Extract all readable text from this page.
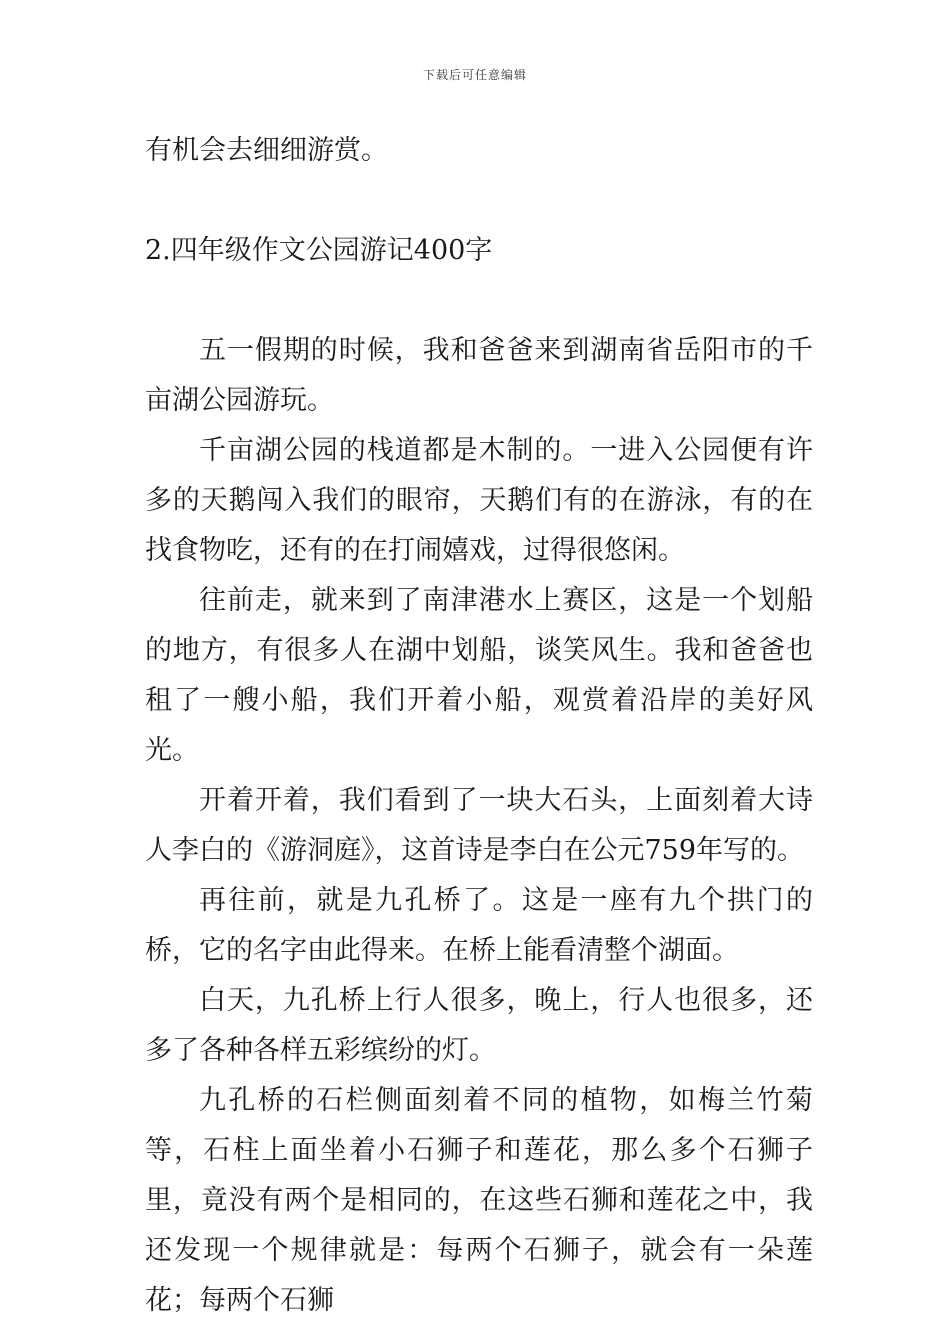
下载后可任意编辑

有机会去细细游赏。

2.四年级作文公园游记400字

五一假期的时候，我和爸爸来到湖南省岳阳市的千亩湖公园游玩。

千亩湖公园的栈道都是木制的。一进入公园便有许多的天鹅闯入我们的眼帘，天鹅们有的在游泳，有的在找食物吃，还有的在打闹嬉戏，过得很悠闲。

往前走，就来到了南津港水上赛区，这是一个划船的地方，有很多人在湖中划船，谈笑风生。我和爸爸也租了一艘小船，我们开着小船，观赏着沿岸的美好风光。

开着开着，我们看到了一块大石头，上面刻着大诗人李白的《游洞庭》，这首诗是李白在公元759年写的。

再往前，就是九孔桥了。这是一座有九个拱门的桥，它的名字由此得来。在桥上能看清整个湖面。

白天，九孔桥上行人很多，晚上，行人也很多，还多了各种各样五彩缤纷的灯。

九孔桥的石栏侧面刻着不同的植物，如梅兰竹菊等，石柱上面坐着小石狮子和莲花，那么多个石狮子里，竟没有两个是相同的，在这些石狮和莲花之中，我还发现一个规律就是：每两个石狮子，就会有一朵莲花；每两个石狮
